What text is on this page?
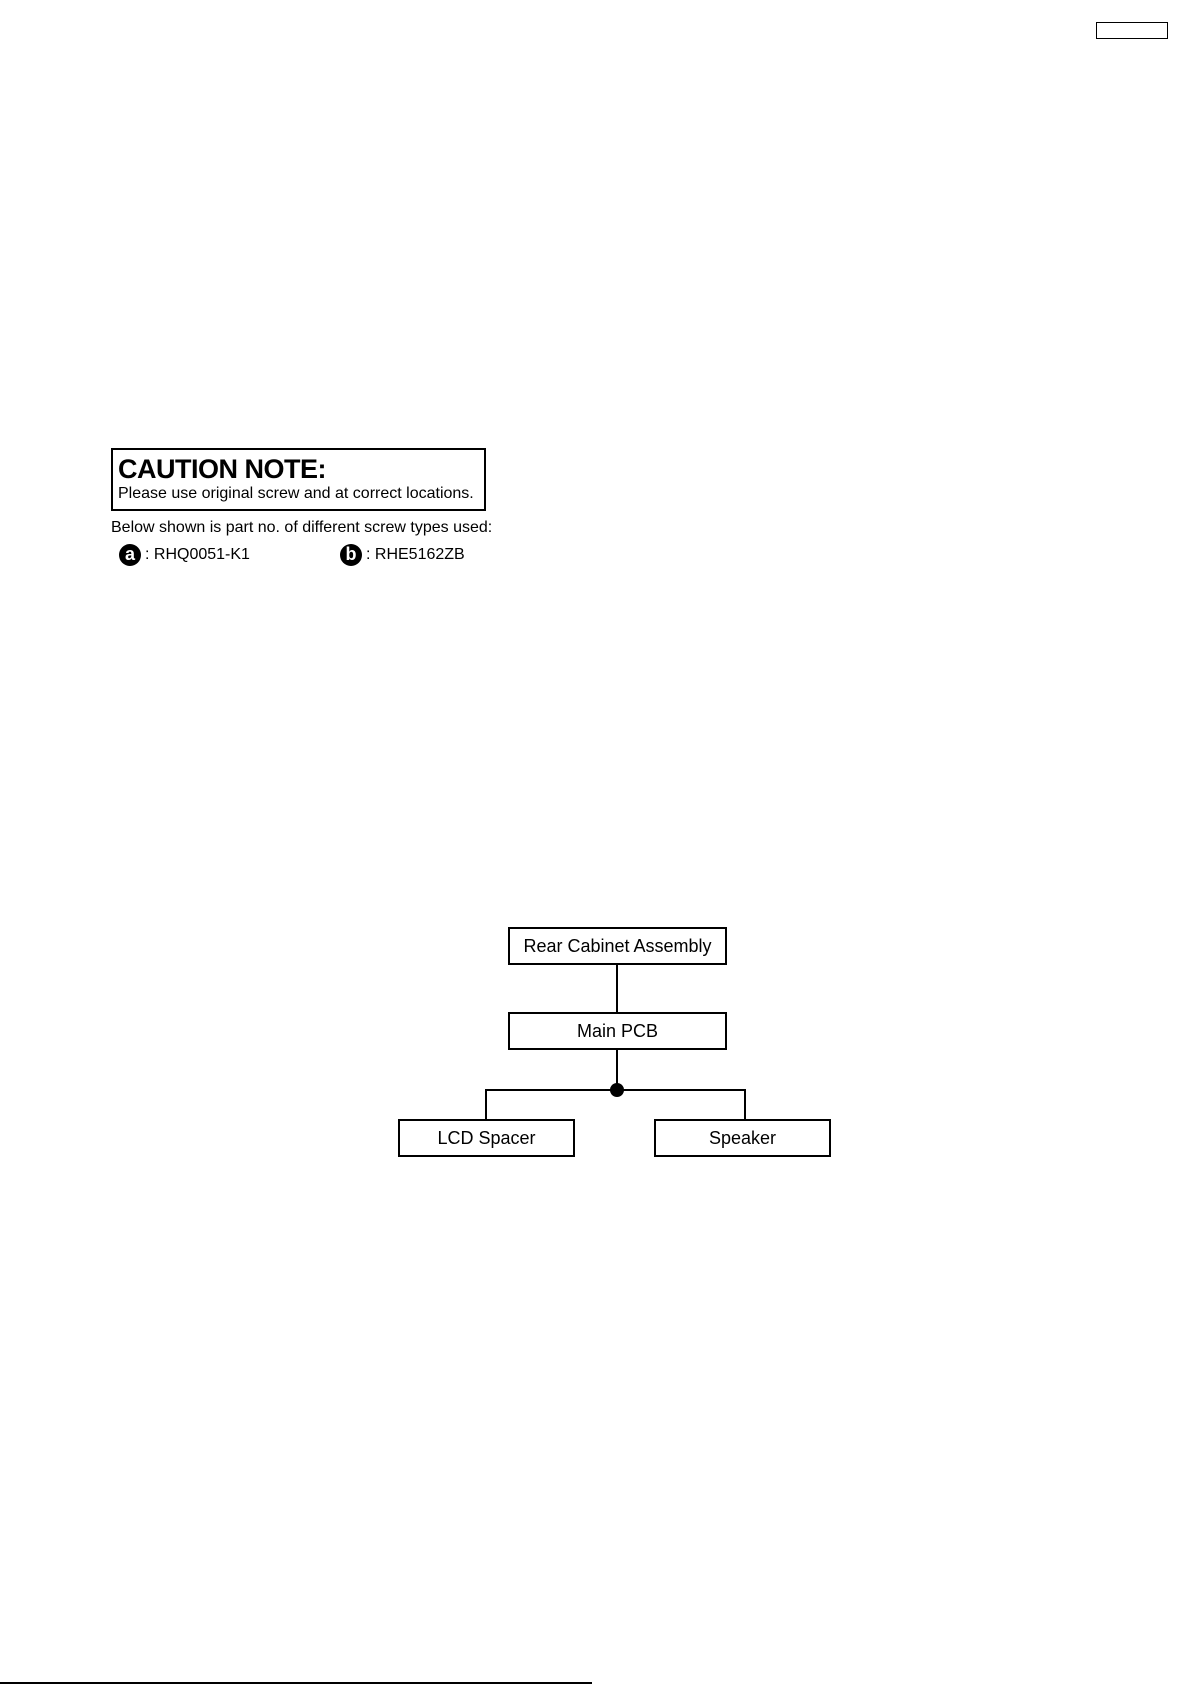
CAUTION NOTE:
Please use original screw and at correct locations.
Below shown is part no. of different screw types used:
a : RHQ0051-K1	b : RHE5162ZB
Rear Cabinet Assembly
Main PCB
LCD Spacer	Speaker
